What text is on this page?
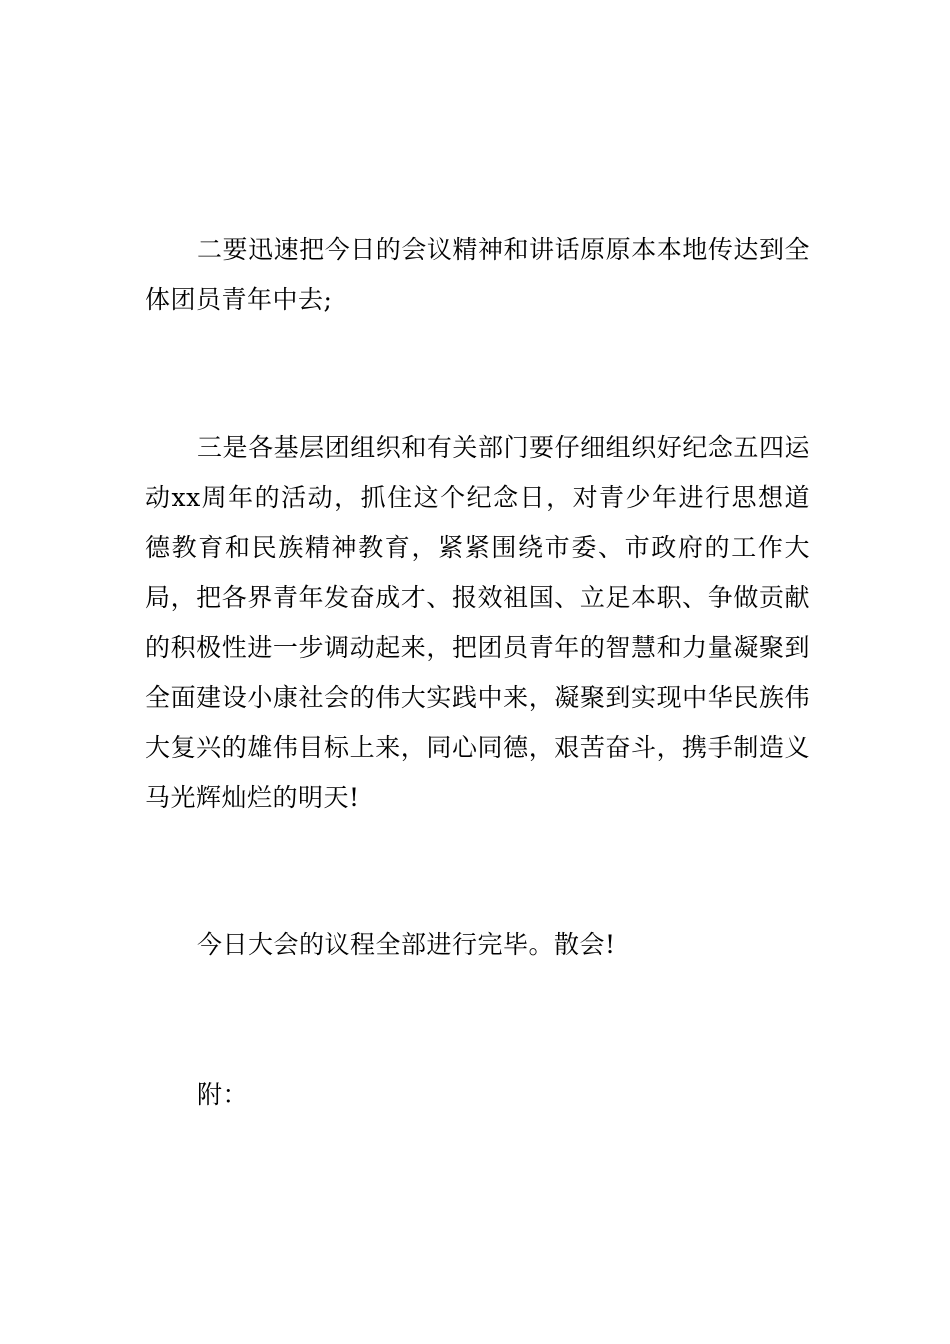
二要迅速把今日的会议精神和讲话原原本本地传达到全体团员青年中去;

三是各基层团组织和有关部门要仔细组织好纪念五四运动xx周年的活动，抓住这个纪念日，对青少年进行思想道德教育和民族精神教育，紧紧围绕市委、市政府的工作大局，把各界青年发奋成才、报效祖国、立足本职、争做贡献的积极性进一步调动起来，把团员青年的智慧和力量凝聚到全面建设小康社会的伟大实践中来，凝聚到实现中华民族伟大复兴的雄伟目标上来，同心同德，艰苦奋斗，携手制造义马光辉灿烂的明天!

今日大会的议程全部进行完毕。散会!

附：
